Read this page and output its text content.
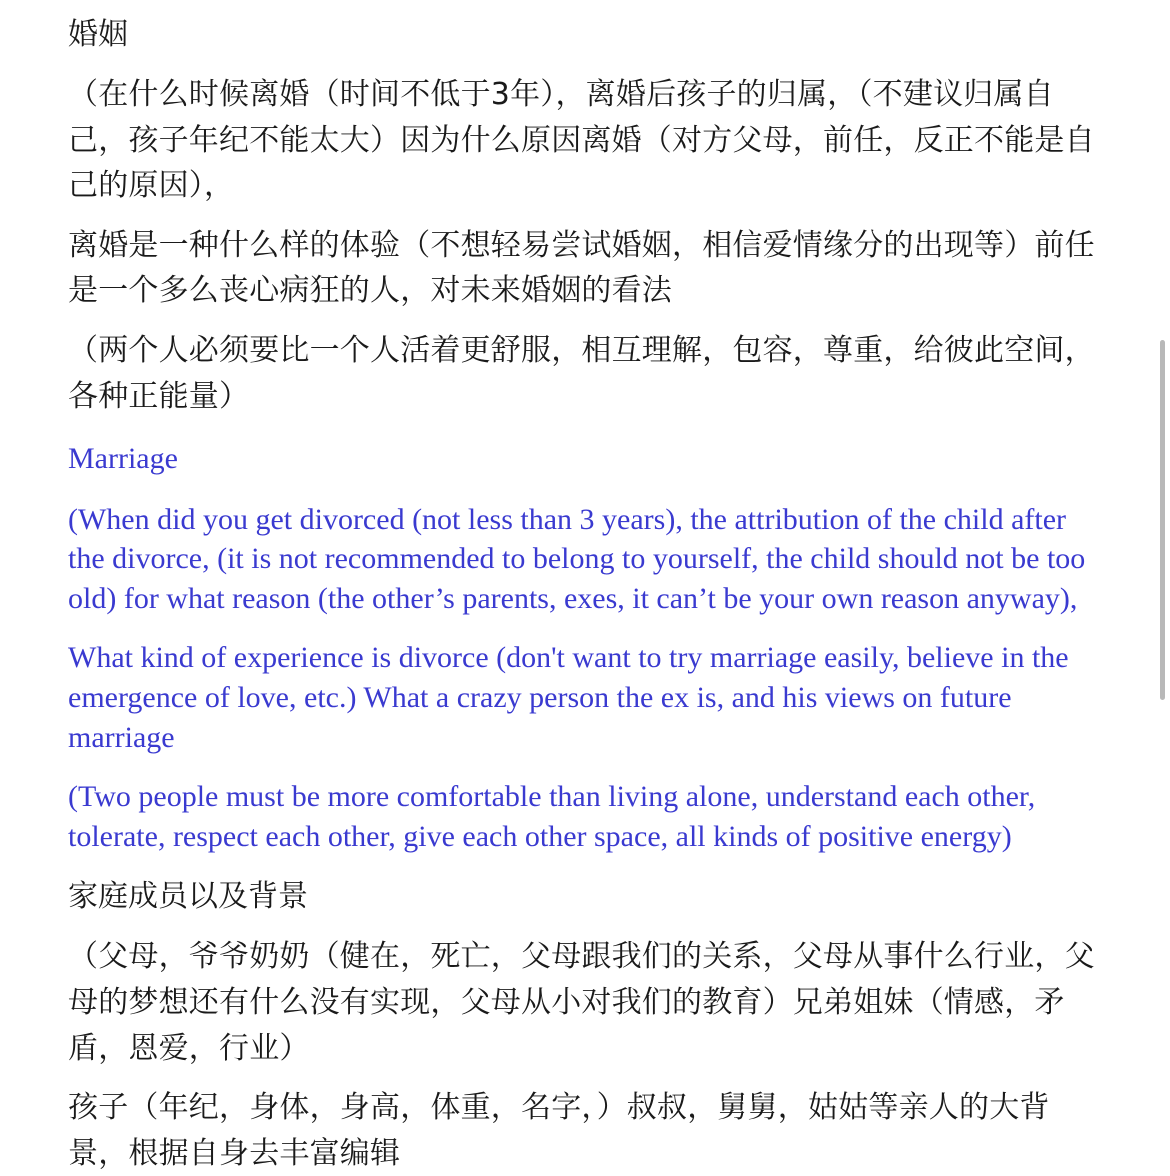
婚姻

（在什么时候离婚（时间不低于3年），离婚后孩子的归属，（不建议归属自己，孩子年纪不能太大）因为什么原因离婚（对方父母，前任，反正不能是自己的原因），

离婚是一种什么样的体验（不想轻易尝试婚姻，相信爱情缘分的出现等）前任是一个多么丧心病狂的人，对未来婚姻的看法

（两个人必须要比一个人活着更舒服，相互理解，包容，尊重，给彼此空间，各种正能量）

Marriage

(When did you get divorced (not less than 3 years), the attribution of the child after the divorce, (it is not recommended to belong to yourself, the child should not be too old) for what reason (the other’s parents, exes, it can’t be your own reason anyway),

What kind of experience is divorce (don't want to try marriage easily, believe in the emergence of love, etc.) What a crazy person the ex is, and his views on future marriage

(Two people must be more comfortable than living alone, understand each other, tolerate, respect each other, give each other space, all kinds of positive energy)

家庭成员以及背景

（父母，爷爷奶奶（健在，死亡，父母跟我们的关系，父母从事什么行业，父母的梦想还有什么没有实现，父母从小对我们的教育）兄弟姐妹（情感，矛盾，恩爱，行业）

孩子（年纪，身体，身高，体重，名字，）叔叔，舅舅，姑姑等亲人的大背景，根据自身去丰富编辑
